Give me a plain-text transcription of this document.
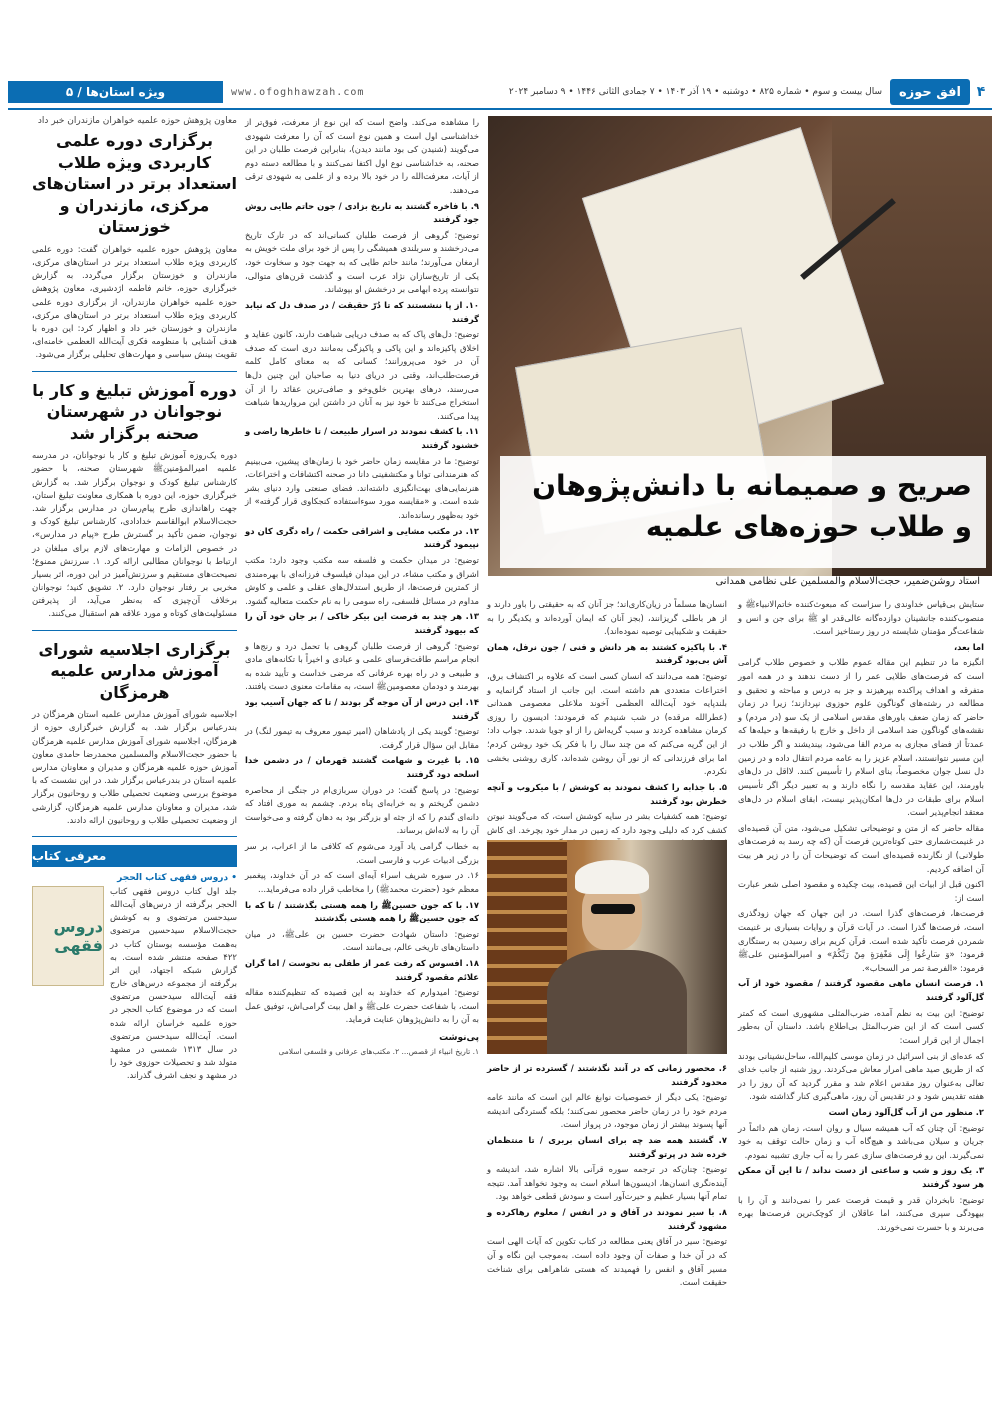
ویژه استان‌ها / ۵	www.ofoghhawzah.com	سال بیست و سوم • شماره ۸۲۵ • دوشنبه • ۱۹ آذر ۱۴۰۳ • ۷ جمادی الثانی ۱۴۴۶ • ۹ دسامبر ۲۰۲۴	افق حوزه	۴
صریح و صمیمانه با دانش‌پژوهان و طلاب حوزه‌های علمیه
استاد روشن‌ضمیر، حجت‌الاسلام والمسلمین علی نظامی همدانی

ستایش بی‌قیاس خداوندی را سزاست که مبعوث‌کننده خاتم‌الانبیاءﷺ و منصوب‌کننده جانشینان دوازده‌گانه عالی‌قدر او ﷺ برای جن و انس و شفاعت‌گر مؤمنان شایسته در روز رستاخیز است.

اما بعد،

انگیزه ما در تنظیم این مقاله عموم طلاب و خصوص طلاب گرامی است که فرصت‌های طلایی عمر را از دست ندهند و در همه امور متفرقه و اهداف پراکنده بپرهیزند و جز به درس و مباحثه و تحقیق و مطالعه در رشته‌های گوناگون علوم حوزوی نپردازند؛ زیرا در زمان حاضر که زمان ضعف باورهای مقدس اسلامی از یک سو (در مردم) و نقشه‌های گوناگون ضد اسلامی از داخل و خارج با رفیقه‌ها و حیله‌ها که عمدتاً از فضای مجازی به مردم القا می‌شود، بیندیشند و اگر طلاب در این مسیر نتوانستند، اسلام عزیز را به عامه مردم انتقال داده و در زمین دل نسل جوان مخصوصاً، بنای اسلام را تأسیس کنند. لااقل در دل‌های باورمند، این عقاید مقدسه را نگاه دارند و به تعبیر دیگر اگر تأسیس اسلام برای طبقات در دل‌ها امکان‌پذیر نیست، ابقای اسلام در دل‌های معتقد انجام‌پذیر است.

مقاله حاضر که از متن و توضیحاتی تشکیل می‌شود، متن آن قصیده‌ای در غنیمت‌شماری حتی کوتاه‌ترین فرصت آن (که چه رسد به فرصت‌های طولانی) از نگارنده قصیده‌ای است که توضیحات آن را در زیر هر بیت آن اضافه کردیم.

اکنون قبل از ابیات این قصیده، بیت چکیده و مقصود اصلی شعر عبارت است از:

فرصت‌ها، فرصت‌های گذرا است. در این جهان که جهان زودگذری است، فرصت‌ها گذرا است. در آیات قرآن و روایات بسیاری بر غنیمت شمردن فرصت تأکید شده است. قرآن کریم برای رسیدن به رستگاری فرمود: «وَ سَارِعُوا إِلَى مَغْفِرَةٍ مِنْ رَبِّكُمْ» و امیرالمؤمنین علیﷺ فرمود: «الفرصة تمر مر السحاب».

۱. فرصت انسان ماهی مقصود گرفتند / مقصود خود از آب گل‌آلود گرفتند

توضیح: این بیت به نظم آمده، ضرب‌المثلی مشهوری است که کمتر کسی است که از این ضرب‌المثل بی‌اطلاع باشد. داستان آن به‌طور اجمال از این قرار است:

که عده‌ای از بنی اسرائیل در زمان موسی کلیم‌الله، ساحل‌نشینانی بودند که از طریق صید ماهی امرار معاش می‌کردند. روز شنبه از جانب خدای تعالی به‌عنوان روز مقدس اعلام شد و مقرر گردید که آن روز را در هفته تقدیس شود و در تقدیس آن روز، ماهی‌گیری کنار گذاشته شود.

۲. منظور من از آب گل‌آلود زمان است

توضیح: آن چنان که آب همیشه سیال و روان است، زمان هم دائماً در جریان و سیلان می‌باشد و هیچ‌گاه آب و زمان حالت توقف به خود نمی‌گیرند. این رو فرصت‌های سازی عمر را به آب جاری تشبیه نمودم.

۳. یک روز و شب و ساعتی از دست نداند / تا این آن ممکن هر سود گرفتند

توضیح: نابخردان قدر و قیمت فرصت عمر را نمی‌دانند و آن را با بیهودگی سپری می‌کنند، اما عاقلان از کوچک‌ترین فرصت‌ها بهره می‌برند و با حسرت نمی‌خورند.

انسان‌ها مسلماً در زیان‌کاری‌اند؛ جز آنان که به حقیقتی را باور دارند و از هر باطلی گریزانند، (بجز آنان که ایمان آورده‌اند و یکدیگر را به حقیقت و شکیبایی توصیه نموده‌اند).

۴. با پاکیزه کشتند به هر دانش و فنی / جون نرفل، همان آش بی‌بود گرفتند

توضیح: همه می‌دانند که انسان کسی است که علاوه بر اکتشاف برق، اختراعات متعددی هم داشته است. این جانب از استاد گرانمایه و بلندپایه خود آیت‌الله العظمی آخوند ملاعلی معصومی همدانی (عطرالله مرقده) در شب شنیدم که فرمودند: ادیسون را روزی کرمان مشاهده کردند و سبب گریه‌اش را از او جویا شدند. جواب داد: از این گریه می‌کنم که من چند سال را با فکر یک خود روشن کردم؛ اما برای فرزندانی که از نور آن روشن شده‌اند، کاری روشنی بخشی نکردم.

۵. با جذابه را کشف نمودند به کوشش / با میکروب و آنچه خطرش بود گرفتند

توضیح: همه کشفیات بشر در سایه کوشش است، که می‌گویند نیوتن کشف کرد که دلیلی وجود دارد که زمین در مدار خود بچرخد. ای کاش

۶. محصور زمانی که در آنند نگذشتند / گسترده تر از حاضر محدود گرفتند

توضیح: یکی دیگر از خصوصیات نوابغ عالم این است که مانند عامه مردم خود را در زمان حاضر محصور نمی‌کنند؛ بلکه گستردگی اندیشه آنها پسوند بیشتر از زمان موجود، در پرواز است.

۷. گشتند همه ضد چه برای انسان بربری / تا منتظمان خرده شد در پرتو گرفتند

توضیح: چنان‌که در ترجمه سوره قرآنی بالا اشاره شد، اندیشه و آینده‌نگری انسان‌ها، ادیسون‌ها اسلام است به وجود نخواهد آمد. نتیجه تمام آنها بسیار عظیم و حیرت‌آور است و سودش قطعی خواهد بود.

۸. با سیر نمودند در آفاق و در انفس / معلوم رهاکرده و مشهود گرفتند

توضیح: سیر در آفاق یعنی مطالعه در کتاب تکوین که آیات الهی است که در آن خدا و صفات آن وجود داده است. به‌موجب این نگاه و آن مسیر آفاق و انفس را فهمیدند که هستی شاهراهی برای شناخت حقیقت است.

را مشاهده می‌کند. واضح است که این نوع از معرفت، فوق‌تر از خداشناسی اول است و همین نوع است که آن را معرفت شهودی می‌گویند (شنیدن کی بود مانند دیدن)، بنابراین فرصت طلبان در این صحنه، به خداشناسی نوع اول اکتفا نمی‌کنند و با مطالعه دسته دوم از آیات، معرفت‌الله را در خود بالا برده و از علمی به شهودی ترقی می‌دهند.

۹. با فاخره گشتند به تاریخ بزادی / جون حاتم طایی روش جود گرفتند

توضیح: گروهی از فرصت طلبان کسانی‌اند که در تارک تاریخ می‌درخشند و سربلندی همیشگی را پس از خود برای ملت خویش به ارمغان می‌آورند؛ مانند حاتم طایی که به جهت جود و سخاوت خود، یکی از تاریخ‌سازان نژاد عرب است و گذشت قرن‌های متوالی، نتوانسته پرده ابهامی بر درخشش او بپوشاند.

۱۰. از پا ننشستند که تا دُرّ حقیقت / در صدف دل که نیابد گرفتند

توضیح: دل‌های پاک که به صدف دریایی شباهت دارند، کانون عقاید و اخلاق پاکیزه‌اند و این پاکی و پاکیزگی به‌مانند دری است که صدف آن در خود می‌پرورانند؛ کسانی که به معنای کامل کلمه فرصت‌طلب‌اند، وقتی در دریای دنیا به صاحبان این چنین دل‌ها می‌رسند، درهای بهترین خلق‌وخو و صافی‌ترین عقائد را از آن استخراج می‌کنند تا خود نیز به آنان در داشتن این مرواریدها شباهت پیدا می‌کنند.

۱۱. با کشف نمودند در اسرار طبیعت / تا خاطرها راضی و خشنود گرفتند

توضیح: ما در مقایسه زمان حاضر خود با زمان‌های پیشین، می‌بینیم که هنرمندانی توانا و مکتشفینی دانا در صحنه اکتشافات و اختراعات، هنرنمایی‌های بهت‌انگیزی داشته‌اند. فضای صنعتی وارد دنیای بشر شده است. و «مقایسه مورد سوءاستفاده کنجکاوی قرار گرفته» از خود به‌ظهور رسانده‌اند.

۱۲. در مکتب مشایی و اشراقی حکمت / راه دگری کان دو نپیمود گرفتند

توضیح: در میدان حکمت و فلسفه سه مکتب وجود دارد: مکتب اشراق و مکتب مشاء، در این میدان فیلسوف فرزانه‌ای با بهره‌مندی از کمترین فرصت‌ها، از طریق استدلال‌های عقلی و علمی و کاوش مداوم در مسائل فلسفی، راه سومی را به نام حکمت متعالیه گشود.

۱۳. هر چند به فرصت این بیکر خاکی / بر جان خود آن را که بیهود گرفتند

توضیح: گروهی از فرصت طلبان گروهی با تحمل درد و رنج‌ها و انجام مراسم طاقت‌فرسای علمی و عبادی و اخیراً با تکانه‌های مادی و طبیعی و در راه بهره عرفانی که مرضی خداست و تأیید شده به بهرمند و دودمان معصومینﷺ است، به مقامات معنوی دست یافتند.

۱۴. این درس از آن موجه گر بودند / تا که جهان آسیب بود گرفتند

توضیح: گویند یکی از پادشاهان (امیر تیمور معروف به تیمور لنگ) در مقابل این سؤال قرار گرفت.

۱۵. با غیرت و شهامت گشتند قهرمان / در دشمن خدا اسلحه دود گرفتند

توضیح: در پاسخ گفت: در دوران سربازی‌ام در جنگی از محاصره دشمن گریختم و به خرابه‌ای پناه بردم. چشمم به موری افتاد که دانه‌ای گندم را که از جثه او بزرگتر بود به دهان گرفته و می‌خواست آن را به لانه‌اش برساند.

به خطاب گرامی یاد آورد می‌شوم که کلافی ما از اعراب، بر سر بزرگی ادبیات عرب و فارسی است.

۱۶. در سوره شریف اسراء آیه‌ای است که در آن خداوند، پیغمبر معظم خود (حضرت محمدﷺ) را مخاطب قرار داده می‌فرماید...

۱۷. با که جون حسینﷺ را همه هستی بگذشتند / تا که با که جون حسینﷺ را همه هستی بگذشتند

توضیح: داستان شهادت حضرت حسین بن علیﷺ، در میان داستان‌های تاریخی عالم، بی‌مانند است.

۱۸. افسوس که رفت عمر از طفلی به نحوست / اما گران علائم مقصود گرفتند

توضیح: امیدوارم که خداوند به این قصیده که تنظیم‌کننده مقاله است، با شفاعت حضرت علی‌ﷺ و اهل بیت گرامی‌اش، توفیق عمل به آن را به دانش‌پژوهان عنایت فرماید.

پی‌نوشت
۱. تاریخ انبیاء از قصص... ۲. مکتب‌های عرفانی و فلسفی اسلامی
معاون پژوهش حوزه علمیه خواهران مازندران خبر داد
برگزاری دوره علمی کاربردی ویژه طلاب استعداد برتر در استان‌های مرکزی، مازندران و خوزستان
معاون پژوهش حوزه علمیه خواهران گفت: دوره علمی کاربردی ویژه طلاب استعداد برتر در استان‌های مرکزی، مازندران و خوزستان برگزار می‌گردد. به گزارش خبرگزاری حوزه، خانم فاطمه اژدشیری، معاون پژوهش حوزه علمیه خواهران مازندران، از برگزاری دوره علمی کاربردی ویژه طلاب استعداد برتر در استان‌های مرکزی، مازندران و خوزستان خبر داد و اظهار کرد: این دوره با هدف آشنایی با منظومه فکری آیت‌الله العظمی خامنه‌ای، تقویت بینش سیاسی و مهارت‌های تحلیلی برگزار می‌شود.
دوره آموزش تبلیغ و کار با نوجوانان در شهرستان صحنه برگزار شد
دوره یک‌روزه آموزش تبلیغ و کار با نوجوانان، در مدرسه علمیه امیرالمؤمنینﷺ شهرستان صحنه، با حضور کارشناس تبلیغ کودک و نوجوان برگزار شد. به گزارش خبرگزاری حوزه، این دوره با همکاری معاونت تبلیغ استان، جهت راهاندازی طرح پیام‌رسان در مدارس برگزار شد. حجت‌الاسلام ابوالقاسم خدادادی، کارشناس تبلیغ کودک و نوجوان، ضمن تأکید بر گسترش طرح «پیام در مدارس»، در خصوص الزامات و مهارت‌های لازم برای مبلغان در ارتباط با نوجوانان مطالبی ارائه کرد. ۱. سرزنش ممنوع؛ نصیحت‌های مستقیم و سرزنش‌آمیز در این دوره، اثر بسیار مخربی بر رفتار نوجوان دارد. ۲. تشویق کنید؛ نوجوانان برخلاف آن‌چیزی که به‌نظر می‌آید، از پذیرفتن مسئولیت‌های کوتاه و مورد علاقه هم استقبال می‌کنند.
برگزاری اجلاسیه شورای آموزش مدارس علمیه هرمزگان
اجلاسیه شورای آموزش مدارس علمیه استان هرمزگان در بندرعباس برگزار شد. به گزارش خبرگزاری حوزه از هرمزگان، اجلاسیه شورای آموزش مدارس علمیه هرمزگان با حضور حجت‌الاسلام والمسلمین محمدرضا حامدی معاون آموزش حوزه علمیه هرمزگان و مدیران و معاونان مدارس علمیه استان در بندرعباس برگزار شد. در این نشست که با موضوع بررسی وضعیت تحصیلی طلاب و روحانیون برگزار شد، مدیران و معاونان مدارس علمیه هرمزگان، گزارشی از وضعیت تحصیلی طلاب و روحانیون ارائه دادند.
معرفی کتاب
• دروس فقهی کتاب الحجر
جلد اول کتاب دروس فقهی کتاب الحجر برگرفته از درس‌های آیت‌الله سیدحسن مرتضوی و به کوشش حجت‌الاسلام سیدحسین مرتضوی به‌همت مؤسسه بوستان کتاب در ۴۲۲ صفحه منتشر شده است. به گزارش شبکه اجتهاد، این اثر برگرفته از مجموعه درس‌های خارج فقه آیت‌الله سیدحسن مرتضوی است که در موضوع کتاب الحجر در حوزه علمیه خراسان ارائه شده است. آیت‌الله سیدحسن مرتضوی در سال ۱۳۱۳ شمسی در مشهد متولد شد و تحصیلات حوزوی خود را در مشهد و نجف اشرف گذراند.
دروس فقهی
